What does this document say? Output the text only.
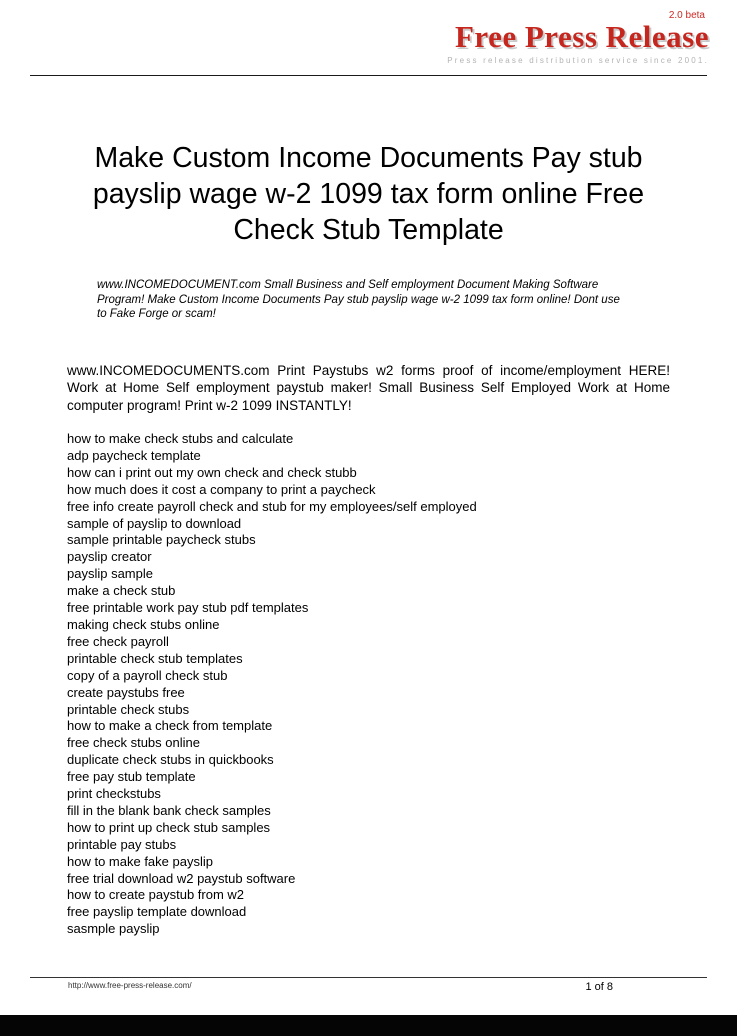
2.0 beta
Free Press Release
Press release distribution service since 2001.
Make Custom Income Documents Pay stub payslip wage w-2 1099 tax form online Free Check Stub Template
www.INCOMEDOCUMENT.com Small Business and Self employment Document Making Software Program! Make Custom Income Documents Pay stub payslip wage w-2 1099 tax form online! Dont use to Fake Forge or scam!
www.INCOMEDOCUMENTS.com Print Paystubs w2 forms proof of income/employment HERE! Work at Home Self employment paystub maker! Small Business Self Employed Work at Home computer program! Print w-2 1099 INSTANTLY!
how to make check stubs and calculate
adp paycheck template
how can i print out my own check and check stubb
how much does it cost a company to print a paycheck
free info create payroll check and stub for my employees/self employed
sample of payslip to download
sample printable paycheck stubs
payslip creator
payslip sample
make a check stub
free printable work pay stub pdf templates
making check stubs online
free check payroll
printable check stub templates
copy of a payroll check stub
create paystubs free
printable check stubs
how to make a check from template
free check stubs online
duplicate check stubs in quickbooks
free pay stub template
print checkstubs
fill in the blank bank check samples
how to print up check stub samples
printable pay stubs
how to make fake payslip
free trial download w2 paystub software
how to create paystub from w2
free payslip template download
sasmple payslip
http://www.free-press-release.com/	1 of 8
